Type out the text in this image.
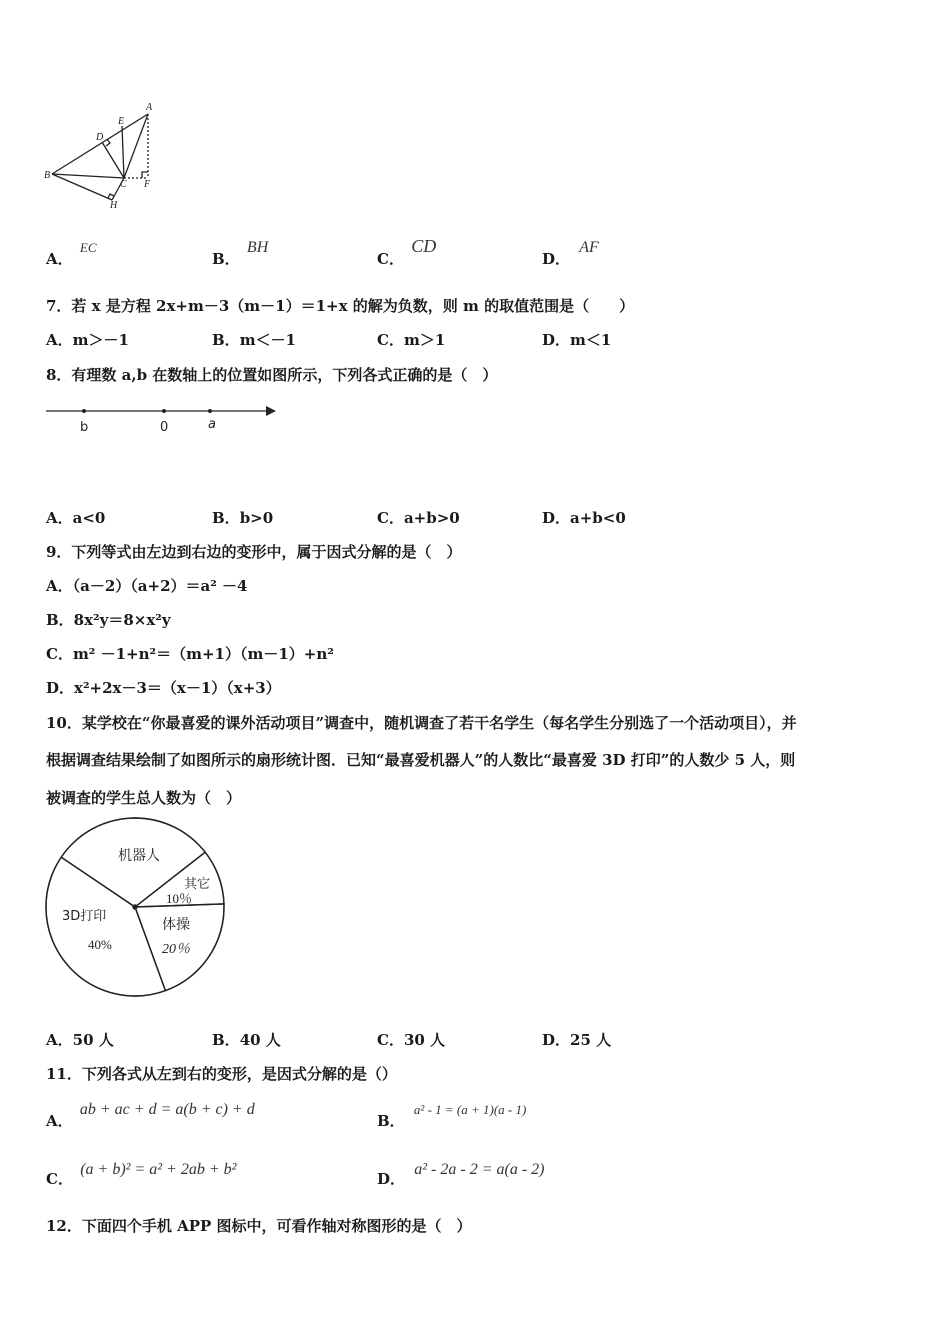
A
B
C
D
E
F
H
A． EC
B． BH
C． CD
D． AF
7．若 x 是方程 2x+m－3（m－1）＝1+x 的解为负数，则 m 的取值范围是（　　）
A．m＞－1	B．m＜－1	C．m＞1	D．m＜1
8．有理数 a,b 在数轴上的位置如图所示，下列各式正确的是（　）
b	0	a
A．a<0	B．b>0	C．a+b>0	D．a+b<0
9．下列等式由左边到右边的变形中，属于因式分解的是（　）
A．（a－2）（a+2）＝a² －4
B．8x²y＝8×x²y
C．m² －1+n²＝（m+1）（m－1）+n²
D．x²+2x－3＝（x－1）（x+3）
10．某学校在“你最喜爱的课外活动项目”调查中，随机调查了若干名学生（每名学生分别选了一个活动项目），并
根据调查结果绘制了如图所示的扇形统计图．已知“最喜爱机器人”的人数比“最喜爱 3D 打印”的人数少 5 人，则
被调查的学生总人数为（　）
机器人
其它
10％
3D打印
40%
体操
20％
A．50 人	B．40 人	C．30 人	D．25 人
11．下列各式从左到右的变形，是因式分解的是（）
A． ab + ac + d = a(b + c) + d
B． a² - 1 = (a + 1)(a - 1)
C． (a + b)² = a² + 2ab + b²
D． a² - 2a - 2 = a(a - 2)
12．下面四个手机 APP 图标中，可看作轴对称图形的是（　）
